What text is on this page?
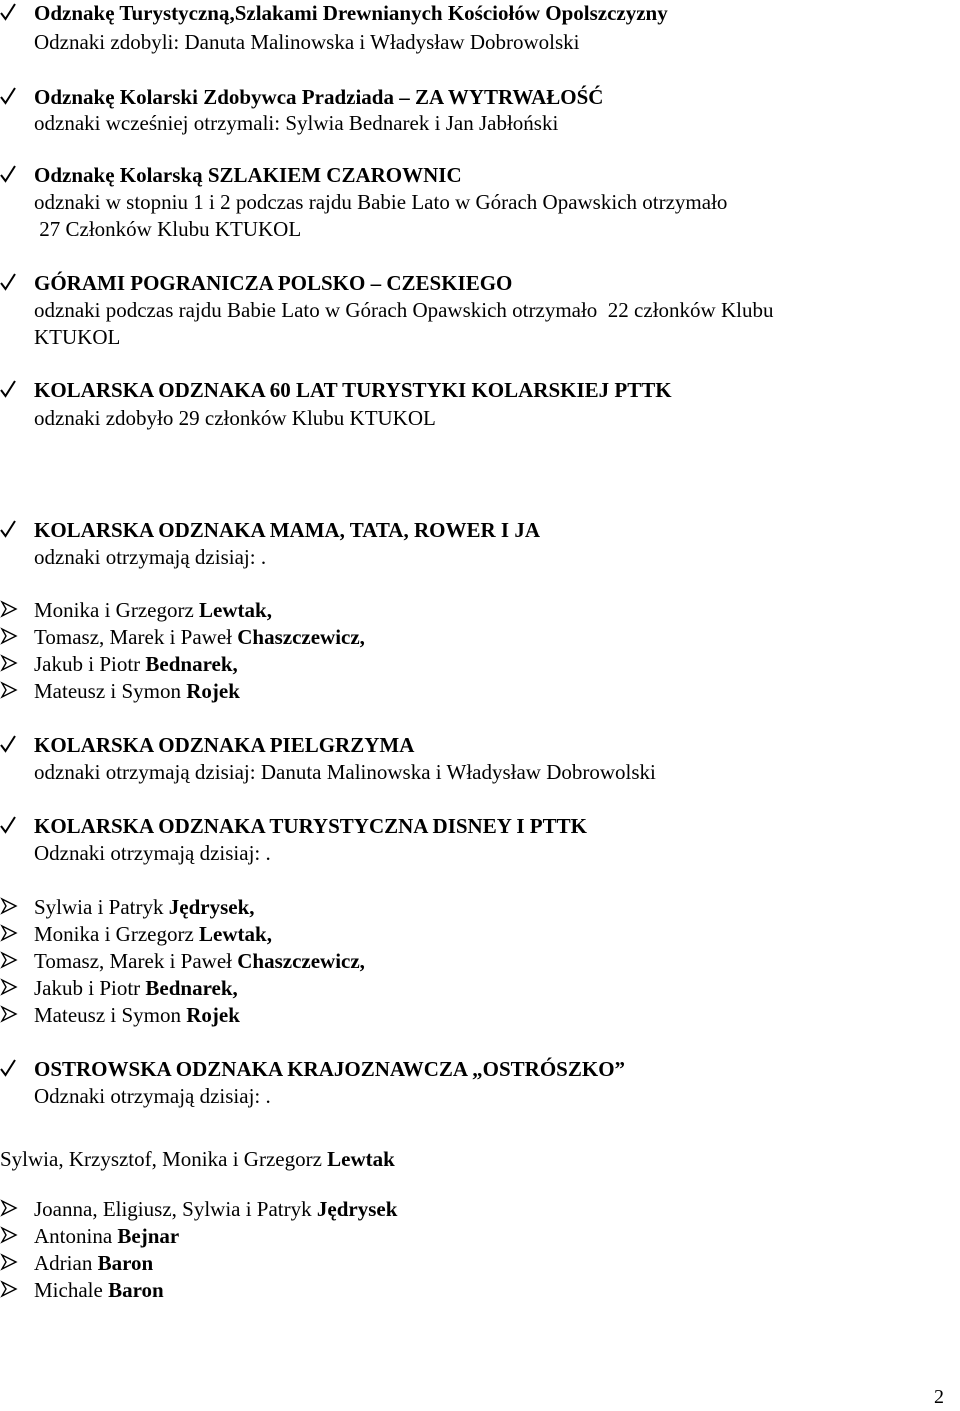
Odznakę Turystyczną,Szlakami Drewnianych Kościołów Opolszczyzny
Odznaki zdobyli: Danuta Malinowska i Władysław Dobrowolski
Odznakę Kolarski Zdobywca Pradziada – ZA WYTRWAŁOŚĆ
odznaki wcześniej otrzymali: Sylwia Bednarek i Jan Jabłoński
Odznakę Kolarską SZLAKIEM CZAROWNIC
odznaki w stopniu 1 i 2 podczas rajdu Babie Lato w Górach Opawskich otrzymało
27 Członków Klubu KTUKOL
GÓRAMI POGRANICZA POLSKO – CZESKIEGO
odznaki podczas rajdu Babie Lato w Górach Opawskich otrzymało  22 członków Klubu
KTUKOL
KOLARSKA ODZNAKA 60 LAT TURYSTYKI KOLARSKIEJ PTTK
odznaki zdobyło 29 członków Klubu KTUKOL
KOLARSKA ODZNAKA MAMA, TATA, ROWER I JA
odznaki otrzymają dzisiaj: .
Monika i Grzegorz Lewtak,
Tomasz, Marek i Paweł Chaszczewicz,
Jakub i Piotr Bednarek,
Mateusz i Symon Rojek
KOLARSKA ODZNAKA PIELGRZYMA
odznaki otrzymają dzisiaj: Danuta Malinowska i Władysław Dobrowolski
KOLARSKA ODZNAKA TURYSTYCZNA DISNEY I PTTK
Odznaki otrzymają dzisiaj: .
Sylwia i Patryk Jędrysek,
Monika i Grzegorz Lewtak,
Tomasz, Marek i Paweł Chaszczewicz,
Jakub i Piotr Bednarek,
Mateusz i Symon Rojek
OSTROWSKA ODZNAKA KRAJOZNAWCZA „OSTRÓSZKO”
Odznaki otrzymają dzisiaj: .
Sylwia, Krzysztof, Monika i Grzegorz Lewtak
Joanna, Eligiusz, Sylwia i Patryk Jędrysek
Antonina Bejnar
Adrian Baron
Michale Baron
2
